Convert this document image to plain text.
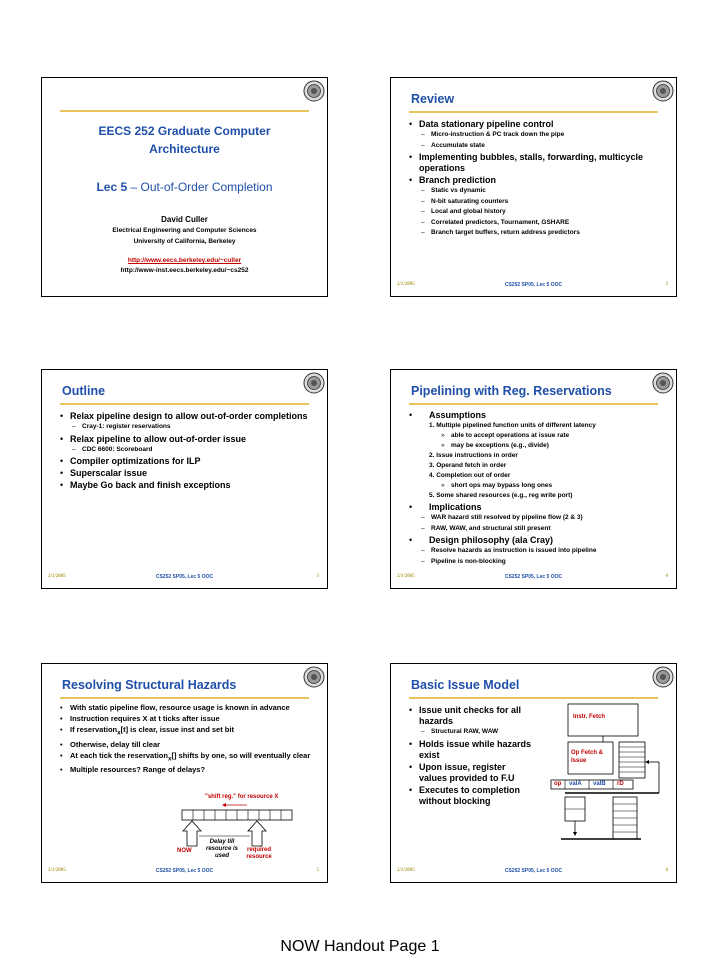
EECS 252 Graduate Computer
Architecture
Lec 5 – Out-of-Order Completion
David Culler
Electrical Engineering and Computer Sciences
University of California, Berkeley
http://www.eecs.berkeley.edu/~culler
http://www-inst.eecs.berkeley.edu/~cs252
Review
• Data stationary pipeline control
– Micro-instruction & PC track down the pipe
– Accumulate state
• Implementing bubbles, stalls, forwarding, multicycle operations
• Branch prediction
– Static vs dynamic
– N-bit saturating counters
– Local and global history
– Correlated predictors, Tournament, GSHARE
– Branch target buffers, return address predictors
2/1/2005	CS252 SP05, Lec 5 OOC	2
Outline
• Relax pipeline design to allow out-of-order completions
– Cray-1: register reservations
• Relax pipeline to allow out-of-order issue
– CDC 6600: Scoreboard
• Compiler optimizations for ILP
• Superscalar issue
• Maybe Go back and finish exceptions
2/1/2005	CS252 SP05, Lec 5 OOC	3
Pipelining with Reg. Reservations
• Assumptions
1. Multiple pipelined function units of different latency
» able to accept operations at issue rate
» may be exceptions (e.g., divide)
2. Issue instructions in order
3. Operand fetch in order
4. Completion out of order
» short ops may bypass long ones
5. Some shared resources (e.g., reg write port)
• Implications
– WAR hazard still resolved by pipeline flow (2 & 3)
– RAW, WAW, and structural still present
• Design philosophy (ala Cray)
– Resolve hazards as instruction is issued into pipeline
– Pipeline is non-blocking
2/1/2005	CS252 SP05, Lec 5 OOC	4
Resolving Structural Hazards
• With static pipeline flow, resource usage is known in advance
• Instruction requires X at t ticks after issue
• If reservation$_x$[t] is clear, issue inst and set bit
• Otherwise, delay till clear
• At each tick the reservation$_x$[] shifts by one, so will eventually clear
• Multiple resources? Range of delays?
"shift reg." for resource X
NOW
Delay till resource is used
required resource
2/1/2005	CS252 SP05, Lec 5 OOC	5
Basic Issue Model
• Issue unit checks for all hazards
– Structural RAW, WAW
• Holds issue while hazards exist
• Upon issue, register values provided to F.U
• Executes to completion without blocking
Instr. Fetch
Op Fetch & Issue
op valA valB rD
2/1/2005	CS252 SP05, Lec 5 OOC	6
NOW Handout Page 1
